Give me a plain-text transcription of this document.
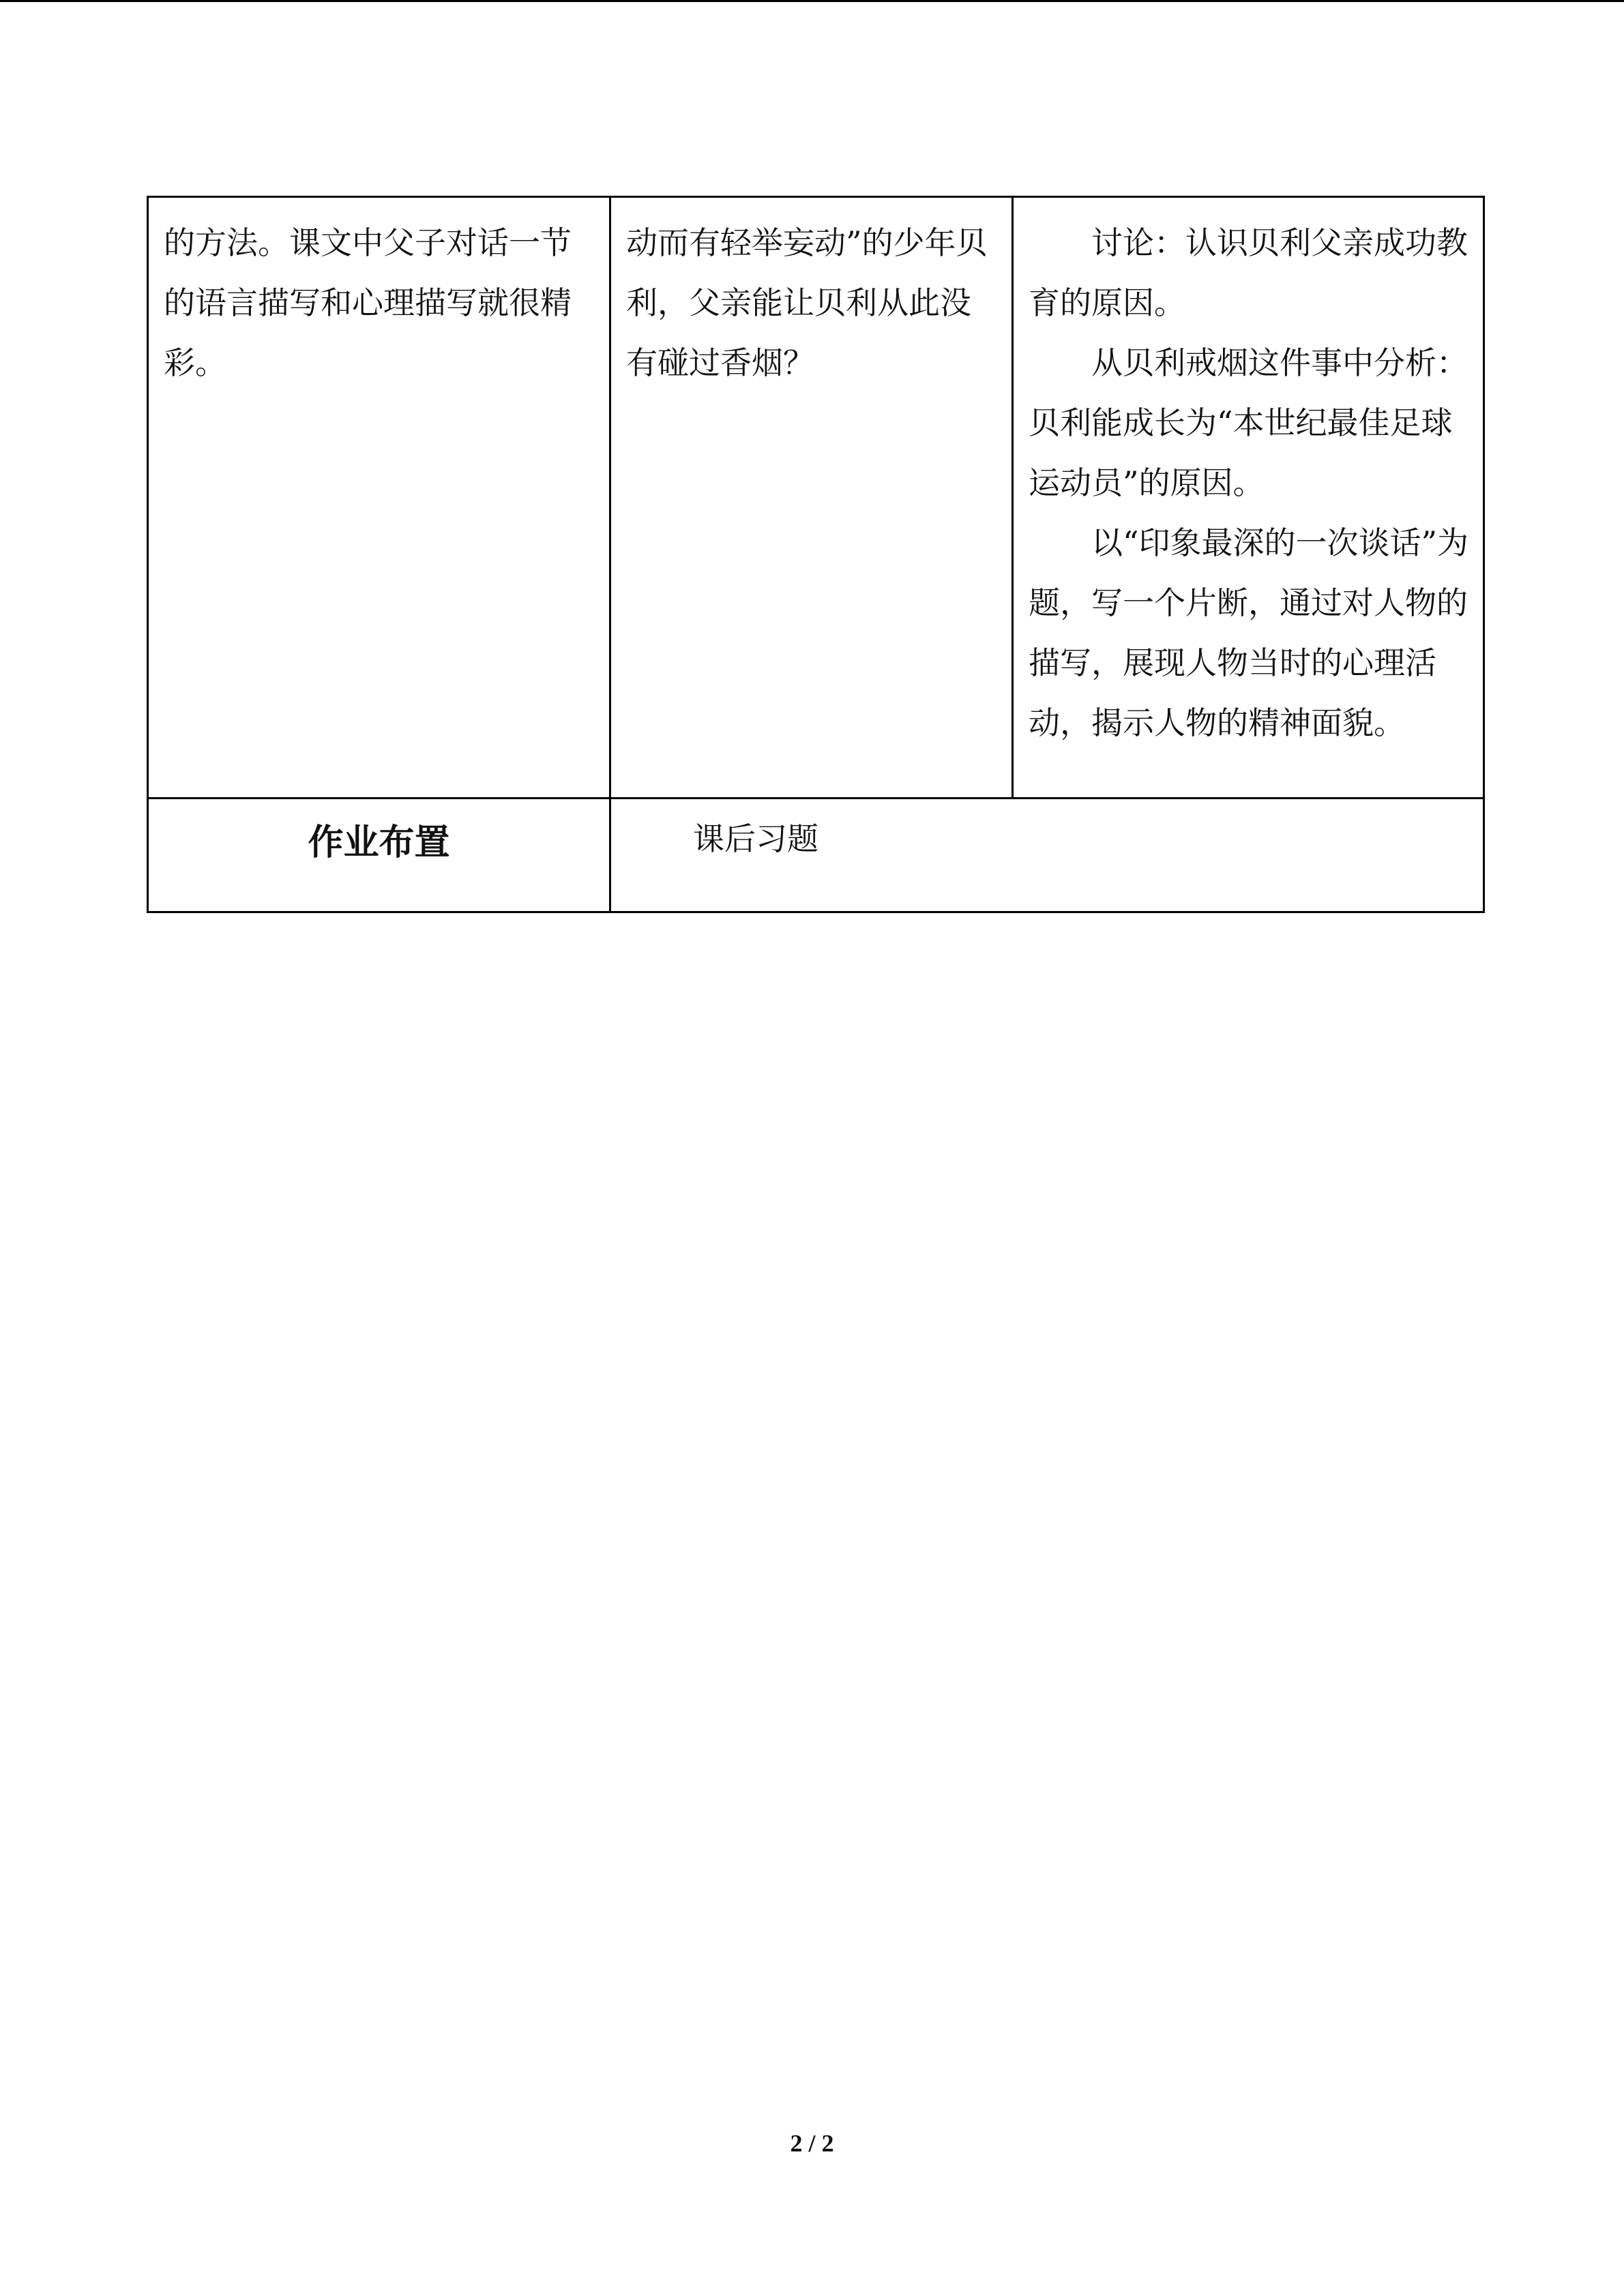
的方法。课文中父子对话一节的语言描写和心理描写就很精彩。	动而有轻举妄动”的少年贝利，父亲能让贝利从此没有碰过香烟？	讨论：认识贝利父亲成功教育的原因。

从贝利戒烟这件事中分析：贝利能成长为“本世纪最佳足球运动员”的原因。

以“印象最深的一次谈话”为题，写一个片断，通过对人物的描写，展现人物当时的心理活动，揭示人物的精神面貌。

作业布置	课后习题	
2 / 2
